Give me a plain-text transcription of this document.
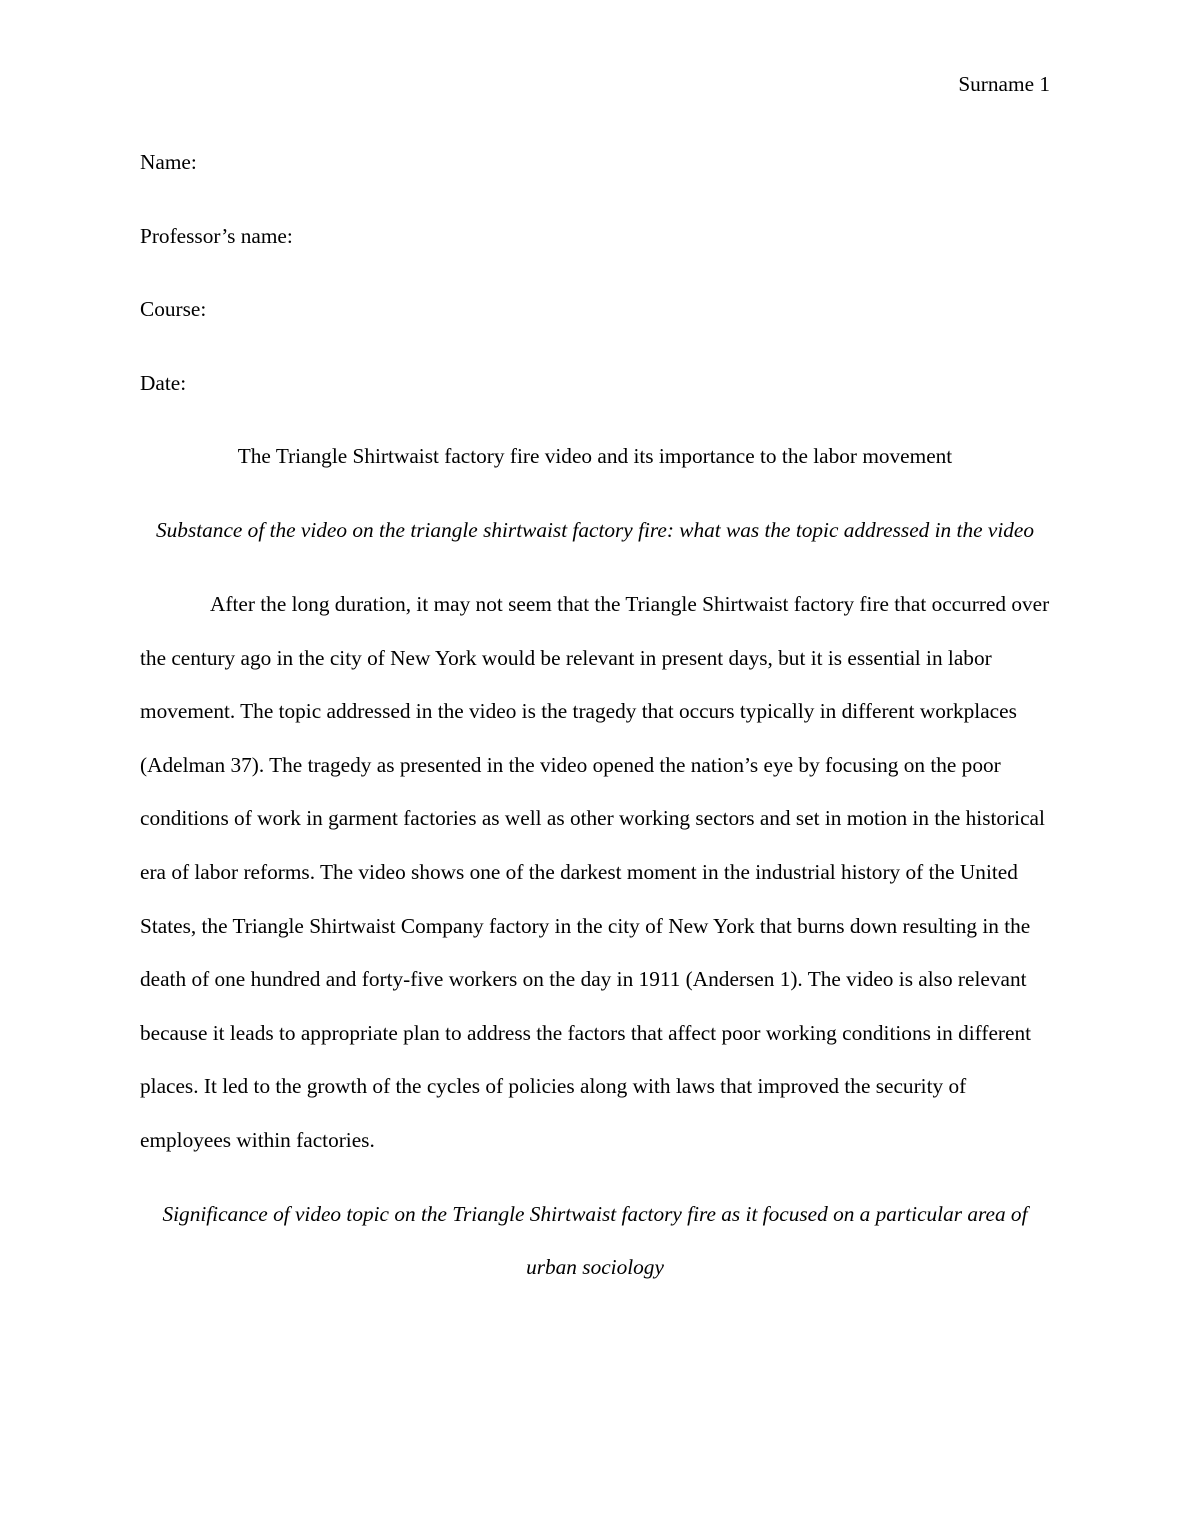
Surname 1

Name:

Professor’s name:

Course:

Date:

The Triangle Shirtwaist factory fire video and its importance to the labor movement

Substance of the video on the triangle shirtwaist factory fire: what was the topic addressed in the video

After the long duration, it may not seem that the Triangle Shirtwaist factory fire that occurred over the century ago in the city of New York would be relevant in present days, but it is essential in labor movement. The topic addressed in the video is the tragedy that occurs typically in different workplaces (Adelman 37). The tragedy as presented in the video opened the nation’s eye by focusing on the poor conditions of work in garment factories as well as other working sectors and set in motion in the historical era of labor reforms. The video shows one of the darkest moment in the industrial history of the United States, the Triangle Shirtwaist Company factory in the city of New York that burns down resulting in the death of one hundred and forty-five workers on the day in 1911 (Andersen 1). The video is also relevant because it leads to appropriate plan to address the factors that affect poor working conditions in different places. It led to the growth of the cycles of policies along with laws that improved the security of employees within factories.

Significance of video topic on the Triangle Shirtwaist factory fire as it focused on a particular area of urban sociology
